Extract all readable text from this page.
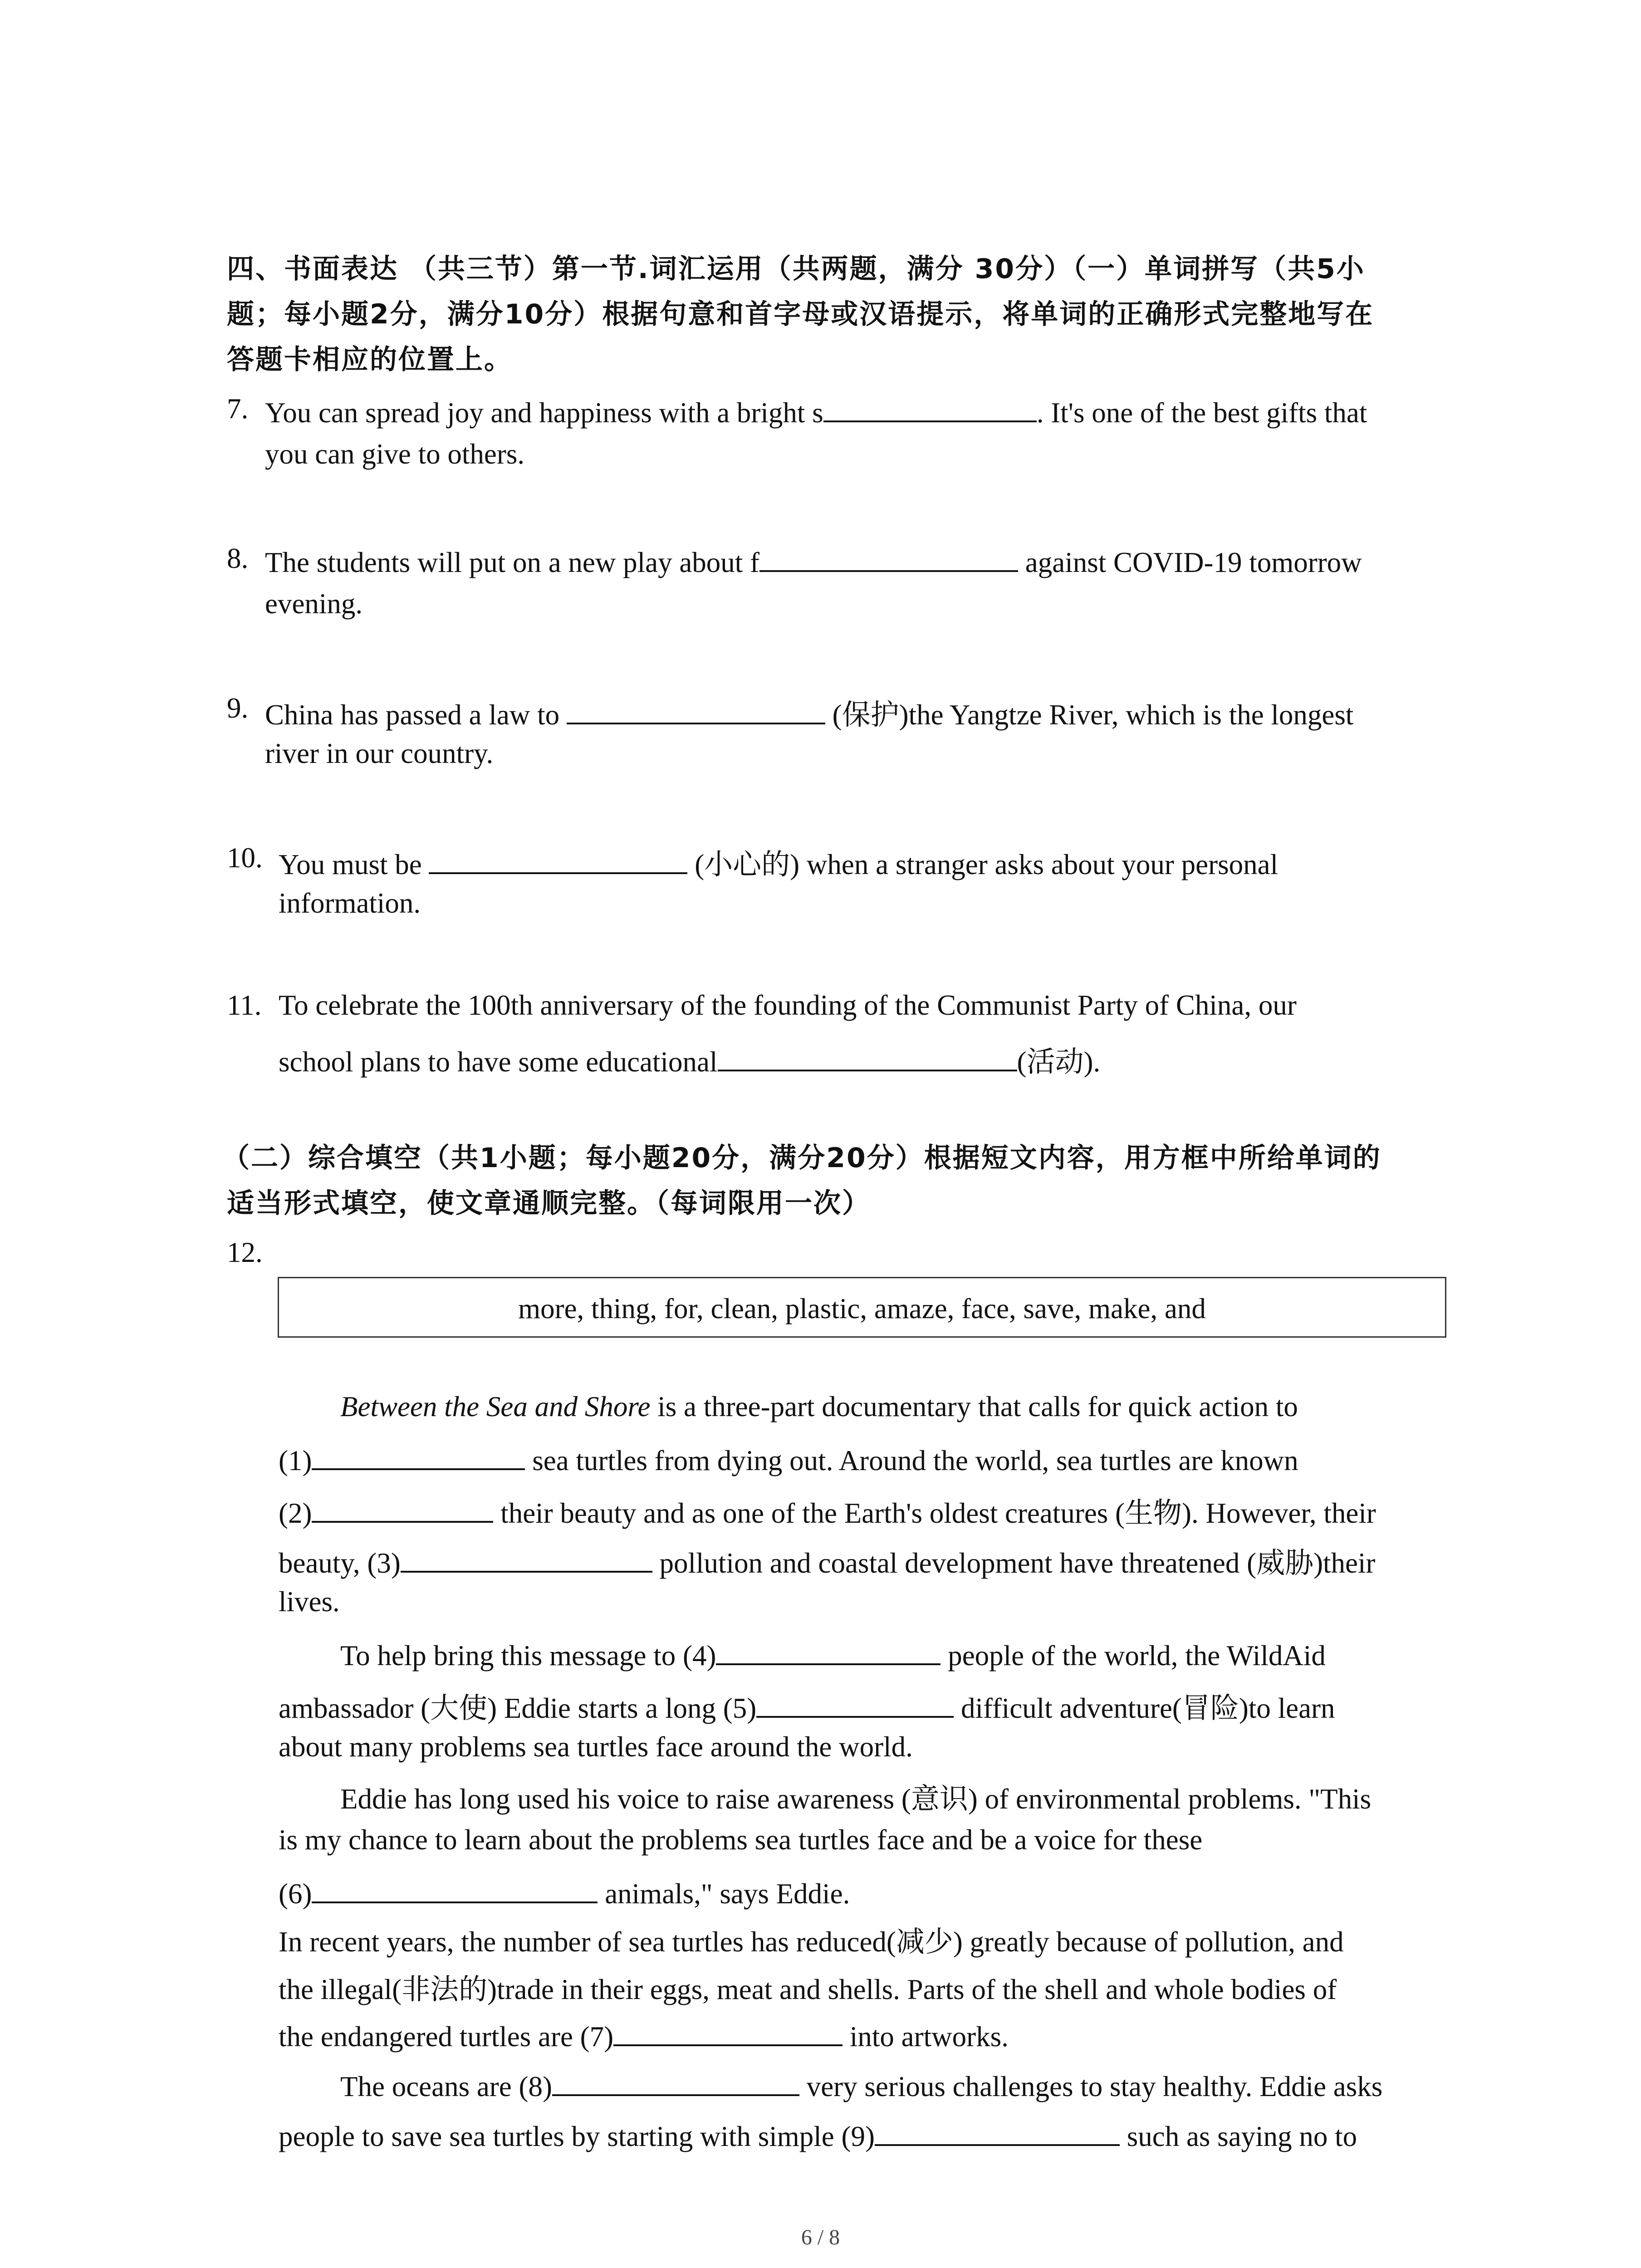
四、书面表达 （共三节）第一节.词汇运用（共两题，满分 30分）（一）单词拼写（共5小
题；每小题2分，满分10分）根据句意和首字母或汉语提示，将单词的正确形式完整地写在
答题卡相应的位置上。
7. You can spread joy and happiness with a bright s	. It's one of the best gifts that
you can give to others.
8. The students will put on a new play about f	against COVID-19 tomorrow
evening.
9. China has passed a law to	(保护)the Yangtze River, which is the longest
river in our country.
10. You must be	(小心的) when a stranger asks about your personal
information.
11. To celebrate the 100th anniversary of the founding of the Communist Party of China, our
school plans to have some educational	(活动).
（二）综合填空（共1小题；每小题20分，满分20分）根据短文内容，用方框中所给单词的
适当形式填空，使文章通顺完整。（每词限用一次）
12.
more, thing, for, clean, plastic, amaze, face, save, make, and
Between the Sea and Shore is a three-part documentary that calls for quick action to
(1)	sea turtles from dying out. Around the world, sea turtles are known
(2)	their beauty and as one of the Earth's oldest creatures (生物). However, their
beauty, (3)	pollution and coastal development have threatened (威胁)their
lives.
To help bring this message to (4)	people of the world, the WildAid
ambassador (大使) Eddie starts a long (5)	difficult adventure(冒险)to learn
about many problems sea turtles face around the world.
Eddie has long used his voice to raise awareness (意识) of environmental problems. "This
is my chance to learn about the problems sea turtles face and be a voice for these
(6)	animals," says Eddie.
In recent years, the number of sea turtles has reduced(减少) greatly because of pollution, and
the illegal(非法的)trade in their eggs, meat and shells. Parts of the shell and whole bodies of
the endangered turtles are (7)	into artworks.
The oceans are (8)	very serious challenges to stay healthy. Eddie asks
people to save sea turtles by starting with simple (9)	such as saying no to
6 / 8
